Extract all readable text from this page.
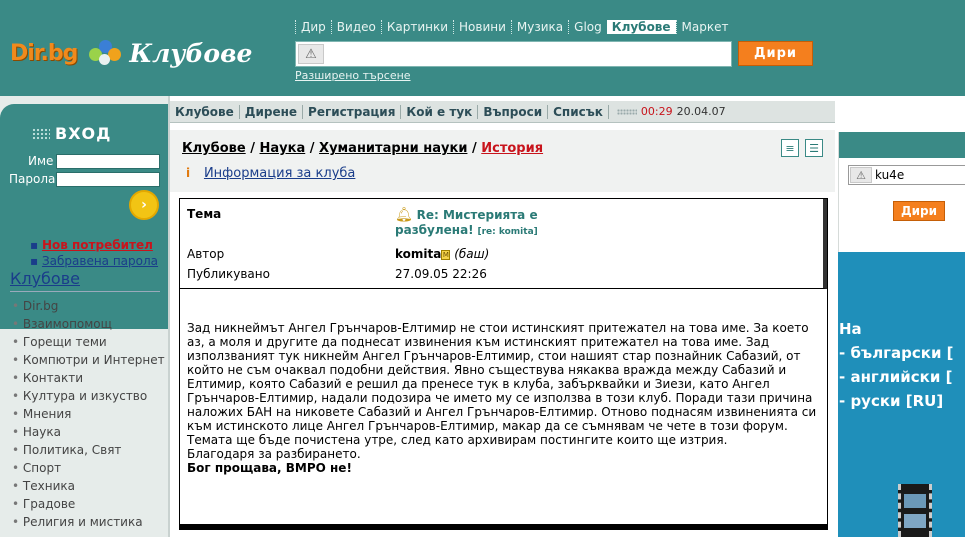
Dir.bg Клубове
Дир Видео Картинки Новини Музика Glog Клубове Маркет
⚠	Дири
Разширено търсене
ВХОД
Име
Парола
›
▪ Нов потребител
▪ Забравена парола
Клубове
• Dir.bg
• Взаимопомощ
• Горещи теми
• Компютри и Интернет
• Контакти
• Култура и изкуство
• Мнения
• Наука
• Политика, Свят
• Спорт
• Техника
• Градове
• Религия и мистика
Клубове Дирене Регистрация Кой е тук Въпроси Списък	00:29 20.04.07
Клубове / Наука / Хуманитарни науки / История	≡	☰
i Информация за клуба
Тема	🔔︎ Re: Мистерията е разбулена! [re: komita]
Автор	komitaM (баш)
Публикувано	27.09.05 22:26

Зад никнеймът Ангел Грънчаров-Елтимир не стои истинският притежател на това име. За което аз, а моля и другите да поднесат извинения към истинският притежател на това име. Зад използваният тук никнейм Ангел Грънчаров-Елтимир, стои нашият стар познайник Сабазий, от който не съм очаквал подобни действия. Явно съществува някаква вражда между Сабазий и Елтимир, която Сабазий е решил да пренесе тук в клуба, забърквайки и Зиези, като Ангел Грънчаров-Елтимир, надали подозира че името му се използва в този клуб. Поради тази причина наложих БАН на никовете Сабазий и Ангел Грънчаров-Елтимир. Отново поднасям извиненията си към истинското лице Ангел Грънчаров-Елтимир, макар да се съмнявам че чете в този форум.

Темата ще бъде почистена утре, след като архивирам постингите които ще изтрия.

Благодаря за разбирането.

Бог прощава, ВМРО не!

⚠ ku4e
Дири
На
- български [
- английски [
- руски [RU]
